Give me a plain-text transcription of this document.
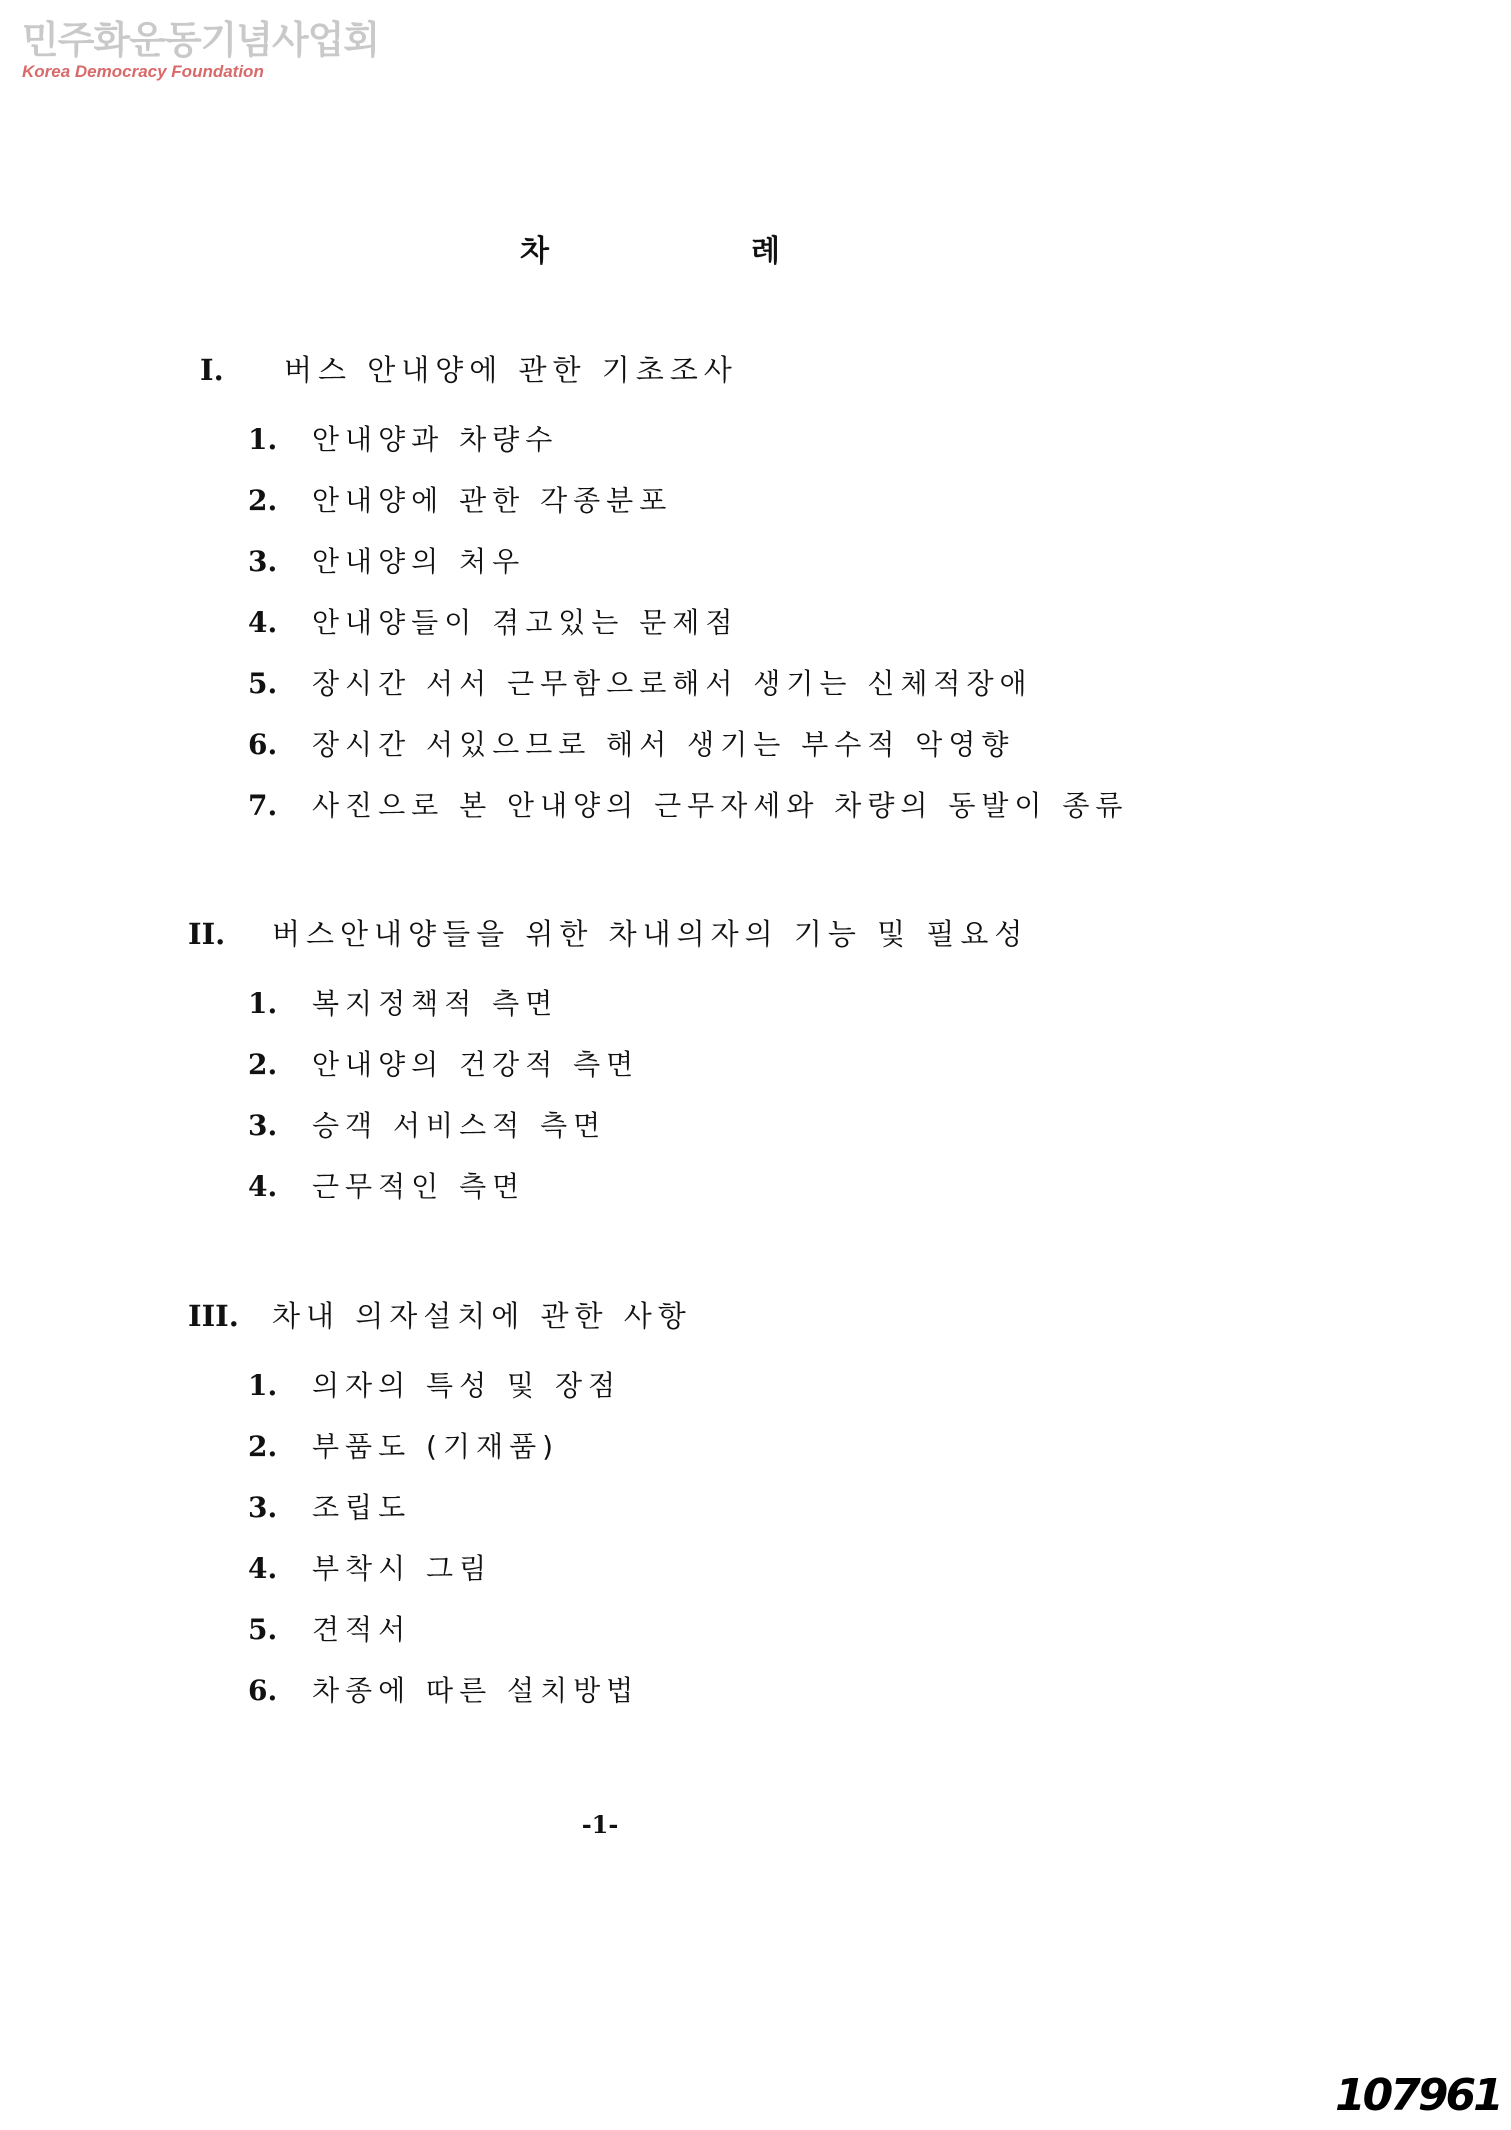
민주화운동기념사업회
Korea Democracy Foundation
차	례
I.	버스 안내양에 관한 기초조사
1.	안내양과 차량수
2.	안내양에 관한 각종분포
3.	안내양의 처우
4.	안내양들이 겪고있는 문제점
5.	장시간 서서 근무함으로해서 생기는 신체적장애
6.	장시간 서있으므로 해서 생기는 부수적 악영향
7.	사진으로 본 안내양의 근무자세와 차량의 동발이 종류
II.	버스안내양들을 위한 차내의자의 기능 및 필요성
1.	복지정책적 측면
2.	안내양의 건강적 측면
3.	승객 서비스적 측면
4.	근무적인 측면
III.	차내 의자설치에 관한 사항
1.	의자의 특성 및 장점
2.	부품도 (기재품)
3.	조립도
4.	부착시 그림
5.	견적서
6.	차종에 따른 설치방법
-1-
107961
